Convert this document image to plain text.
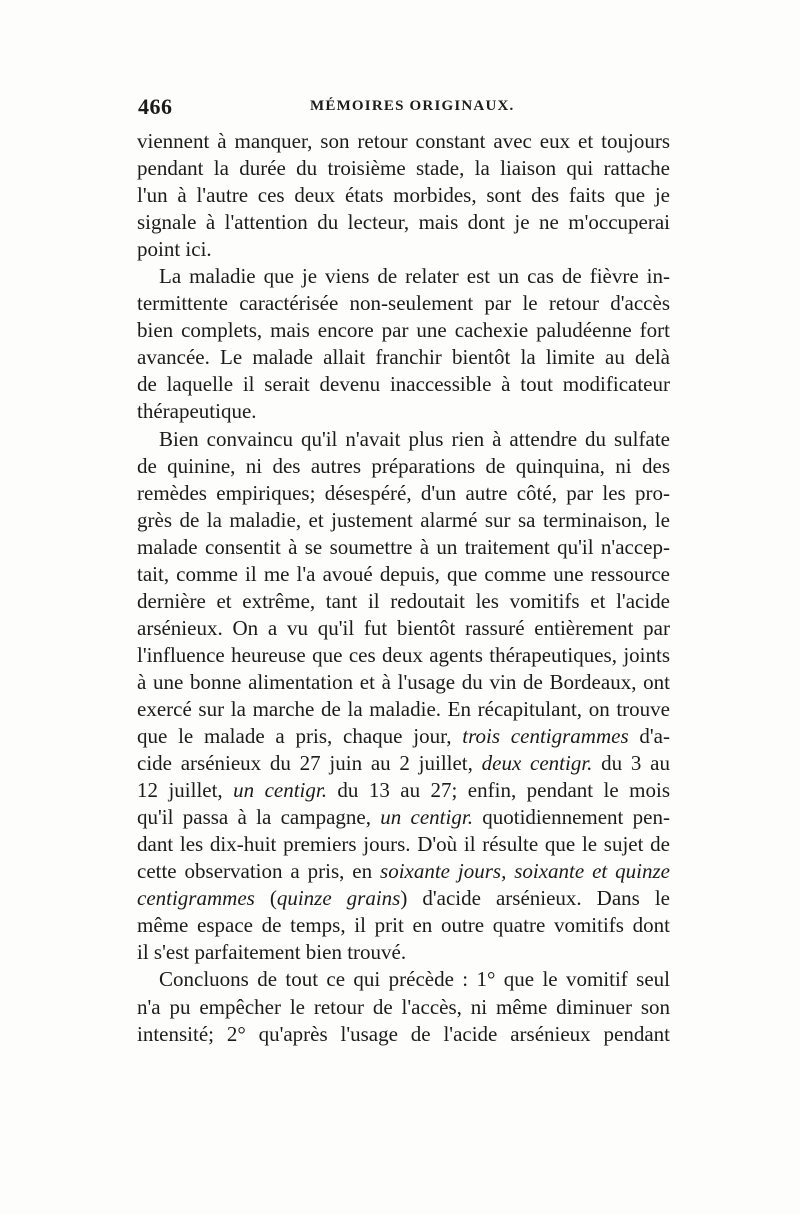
466	MÉMOIRES ORIGINAUX.
viennent à manquer, son retour constant avec eux et toujours
pendant la durée du troisième stade, la liaison qui rattache
l'un à l'autre ces deux états morbides, sont des faits que je
signale à l'attention du lecteur, mais dont je ne m'occuperai
point ici.
La maladie que je viens de relater est un cas de fièvre in-
termittente caractérisée non-seulement par le retour d'accès
bien complets, mais encore par une cachexie paludéenne fort
avancée. Le malade allait franchir bientôt la limite au delà
de laquelle il serait devenu inaccessible à tout modificateur
thérapeutique.
Bien convaincu qu'il n'avait plus rien à attendre du sulfate
de quinine, ni des autres préparations de quinquina, ni des
remèdes empiriques; désespéré, d'un autre côté, par les pro-
grès de la maladie, et justement alarmé sur sa terminaison, le
malade consentit à se soumettre à un traitement qu'il n'accep-
tait, comme il me l'a avoué depuis, que comme une ressource
dernière et extrême, tant il redoutait les vomitifs et l'acide
arsénieux. On a vu qu'il fut bientôt rassuré entièrement par
l'influence heureuse que ces deux agents thérapeutiques, joints
à une bonne alimentation et à l'usage du vin de Bordeaux, ont
exercé sur la marche de la maladie. En récapitulant, on trouve
que le malade a pris, chaque jour, trois centigrammes d'a-
cide arsénieux du 27 juin au 2 juillet, deux centigr. du 3 au
12 juillet, un centigr. du 13 au 27; enfin, pendant le mois
qu'il passa à la campagne, un centigr. quotidiennement pen-
dant les dix-huit premiers jours. D'où il résulte que le sujet de
cette observation a pris, en soixante jours, soixante et quinze
centigrammes (quinze grains) d'acide arsénieux. Dans le
même espace de temps, il prit en outre quatre vomitifs dont
il s'est parfaitement bien trouvé.
Concluons de tout ce qui précède : 1° que le vomitif seul
n'a pu empêcher le retour de l'accès, ni même diminuer son
intensité; 2° qu'après l'usage de l'acide arsénieux pendant
